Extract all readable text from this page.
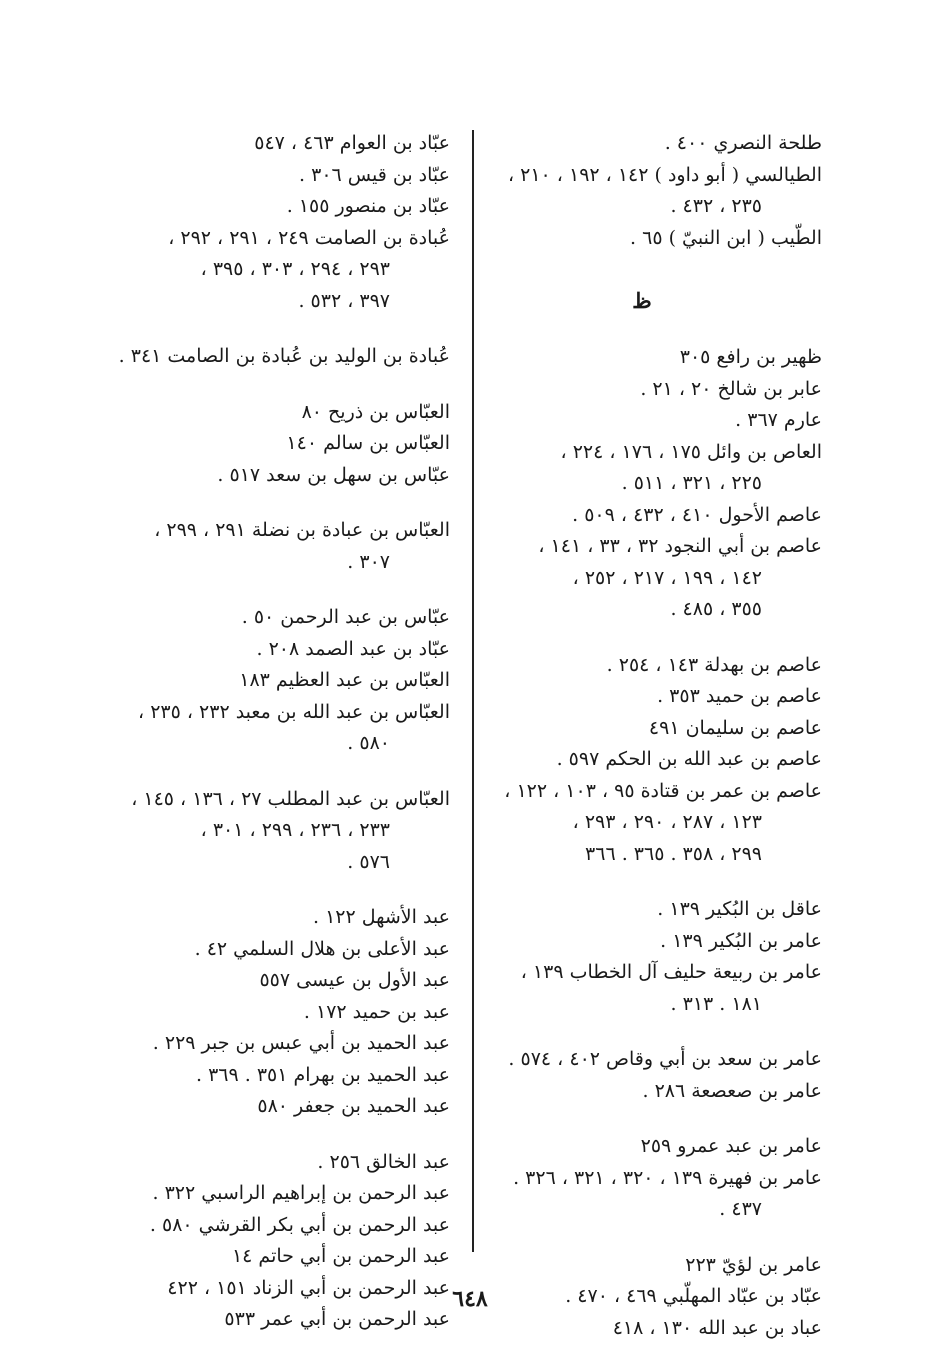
طلحة النصري ٤٠٠ .
الطيالسي ( أبو داود ) ١٤٢ ، ١٩٢ ، ٢١٠ ،
٢٣٥ ، ٤٣٢ .
الطّيب ( ابن النبيّ ) ٦٥ .
ظ
ظهير بن رافع ٣٠٥
عابر بن شالخ ٢٠ ، ٢١ .
عارم ٣٦٧ .
العاص بن وائل ١٧٥ ، ١٧٦ ، ٢٢٤ ،
٢٢٥ ، ٣٢١ ، ٥١١ .
عاصم الأحول ٤١٠ ، ٤٣٢ ، ٥٠٩ .
عاصم بن أبي النجود ٣٢ ، ٣٣ ، ١٤١ ،
١٤٢ ، ١٩٩ ، ٢١٧ ، ٢٥٢ ،
٣٥٥ ، ٤٨٥ .
عاصم بن بهدلة ١٤٣ ، ٢٥٤ .
عاصم بن حميد ٣٥٣ .
عاصم بن سليمان ٤٩١
عاصم بن عبد الله بن الحكم ٥٩٧ .
عاصم بن عمر بن قتادة ٩٥ ، ١٠٣ ، ١٢٢ ،
١٢٣ ، ٢٨٧ ، ٢٩٠ ، ٢٩٣ ،
٢٩٩ ، ٣٥٨ . ٣٦٥ . ٣٦٦
عاقل بن البُكير ١٣٩ .
عامر بن البُكير ١٣٩ .
عامر بن ربيعة حليف آل الخطاب ١٣٩ ،
١٨١ . ٣١٣ .
عامر بن سعد بن أبي وقاص ٤٠٢ ، ٥٧٤ .
عامر بن صعصعة ٢٨٦ .
عامر بن عبد عمرو ٢٥٩
عامر بن فهيرة ١٣٩ ، ٣٢٠ ، ٣٢١ ، ٣٢٦ .
٤٣٧ .
عامر بن لؤيّ ٢٢٣
عبّاد بن عبّاد المهلّبي ٤٦٩ ، ٤٧٠ .
عباد بن عبد الله ١٣٠ ، ٤١٨
عبّاد بن العوام ٤٦٣ ، ٥٤٧
عبّاد بن قيس ٣٠٦ .
عبّاد بن منصور ١٥٥ .
عُبادة بن الصامت ٢٤٩ ، ٢٩١ ، ٢٩٢ ،
٢٩٣ ، ٢٩٤ ، ٣٠٣ ، ٣٩٥ ،
٣٩٧ ، ٥٣٢ .
عُبادة بن الوليد بن عُبادة بن الصامت ٣٤١ .
العبّاس بن ذريح ٨٠
العبّاس بن سالم ١٤٠
عبّاس بن سهل بن سعد ٥١٧ .
العبّاس بن عبادة بن نضلة ٢٩١ ، ٢٩٩ ،
٣٠٧ .
عبّاس بن عبد الرحمن ٥٠ .
عبّاد بن عبد الصمد ٢٠٨ .
العبّاس بن عبد العظيم ١٨٣
العبّاس بن عبد الله بن معبد ٢٣٢ ، ٢٣٥ ،
٥٨٠ .
العبّاس بن عبد المطلب ٢٧ ، ١٣٦ ، ١٤٥ ،
٢٣٣ ، ٢٣٦ ، ٢٩٩ ، ٣٠١ ،
٥٧٦ .
عبد الأشهل ١٢٢ .
عبد الأعلى بن هلال السلمي ٤٢ .
عبد الأول بن عيسى ٥٥٧
عبد بن حميد ١٧٢ .
عبد الحميد بن أبي عبس بن جبر ٢٢٩ .
عبد الحميد بن بهرام ٣٥١ . ٣٦٩ .
عبد الحميد بن جعفر ٥٨٠
عبد الخالق ٢٥٦ .
عبد الرحمن بن إبراهيم الراسبي ٣٢٢ .
عبد الرحمن بن أبي بكر القرشي ٥٨٠ .
عبد الرحمن بن أبي حاتم ١٤
عبد الرحمن بن أبي الزناد ١٥١ ، ٤٢٢
عبد الرحمن بن أبي عمر ٥٣٣
٦٤٨
